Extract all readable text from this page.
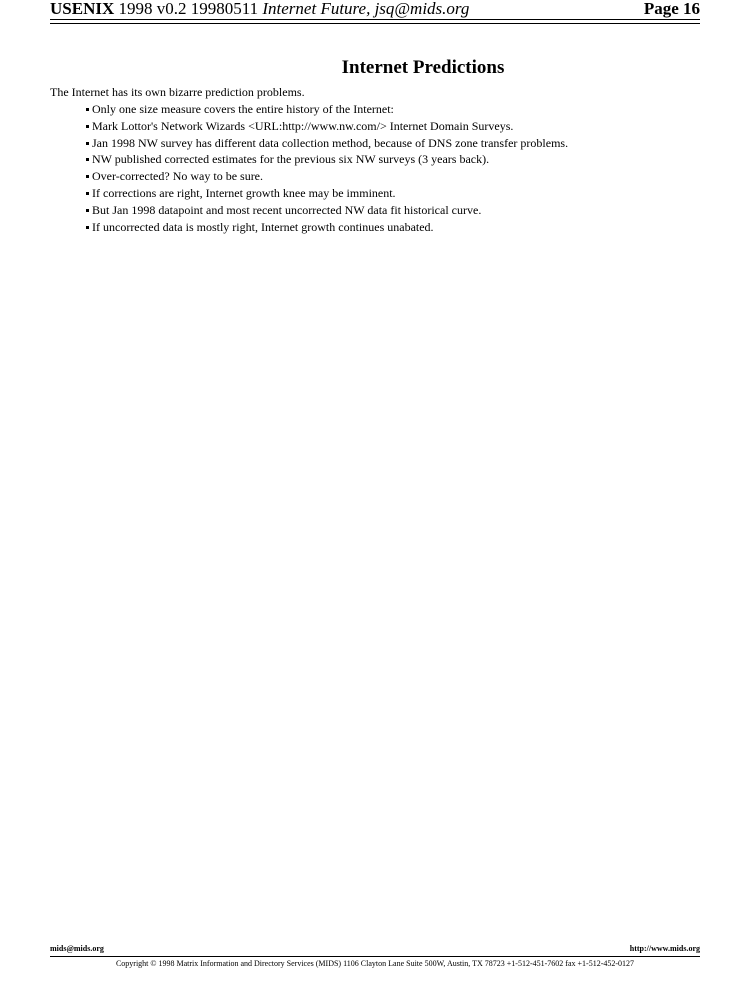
USENIX 1998 v0.2 19980511 Internet Future, jsq@mids.org	Page 16
Internet Predictions
The Internet has its own bizarre prediction problems.
Only one size measure covers the entire history of the Internet:
Mark Lottor's Network Wizards <URL:http://www.nw.com/> Internet Domain Surveys.
Jan 1998 NW survey has different data collection method, because of DNS zone transfer problems.
NW published corrected estimates for the previous six NW surveys (3 years back).
Over-corrected? No way to be sure.
If corrections are right, Internet growth knee may be imminent.
But Jan 1998 datapoint and most recent uncorrected NW data fit historical curve.
If uncorrected data is mostly right, Internet growth continues unabated.
mids@mids.org	http://www.mids.org
Copyright © 1998 Matrix Information and Directory Services (MIDS) 1106 Clayton Lane Suite 500W, Austin, TX 78723 +1-512-451-7602 fax +1-512-452-0127
